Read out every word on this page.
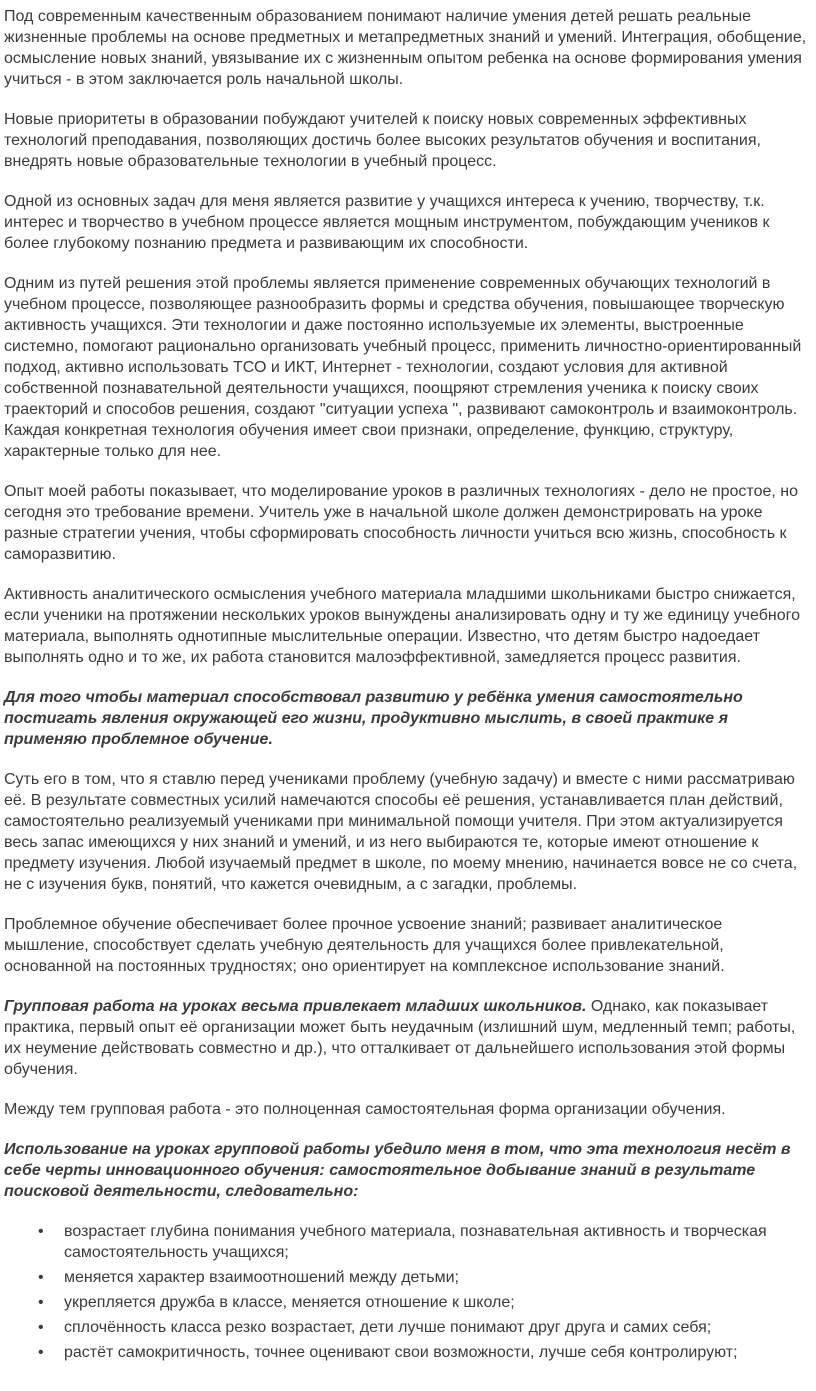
Под современным качественным образованием понимают наличие умения детей решать реальные жизненные проблемы на основе предметных и метапредметных знаний и умений. Интеграция, обобщение, осмысление новых знаний, увязывание их с жизненным опытом ребенка на основе формирования умения учиться - в этом заключается роль начальной школы.

Новые приоритеты в образовании побуждают учителей к поиску новых современных эффективных технологий преподавания, позволяющих достичь более высоких результатов обучения и воспитания, внедрять новые образовательные технологии в учебный процесс.

Одной из основных задач для меня является развитие у учащихся интереса к учению, творчеству, т.к. интерес и творчество в учебном процессе является мощным инструментом, побуждающим учеников к более глубокому познанию предмета и развивающим их способности.

Одним из путей решения этой проблемы является применение современных обучающих технологий в учебном процессе, позволяющее разнообразить формы и средства обучения, повышающее творческую активность учащихся. Эти технологии и даже постоянно используемые их элементы, выстроенные системно, помогают рационально организовать учебный процесс, применить личностно-ориентированный подход, активно использовать ТСО и ИКТ, Интернет - технологии, создают условия для активной собственной познавательной деятельности учащихся, поощряют стремления ученика к поиску своих траекторий и способов решения, создают "ситуации успеха ", развивают самоконтроль и взаимоконтроль. Каждая конкретная технология обучения имеет свои признаки, определение, функцию, структуру, характерные только для нее.

Опыт моей работы показывает, что моделирование уроков в различных технологиях - дело не простое, но сегодня это требование времени. Учитель уже в начальной школе должен демонстрировать на уроке разные стратегии учения, чтобы сформировать способность личности учиться всю жизнь, способность к саморазвитию.

Активность аналитического осмысления учебного материала младшими школьниками быстро снижается, если ученики на протяжении нескольких уроков вынуждены анализировать одну и ту же единицу учебного материала, выполнять однотипные мыслительные операции. Известно, что детям быстро надоедает выполнять одно и то же, их работа становится малоэффективной, замедляется процесс развития.

Для того чтобы материал способствовал развитию у ребёнка умения самостоятельно постигать явления окружающей его жизни, продуктивно мыслить, в своей практике я применяю проблемное обучение.

Суть его в том, что я ставлю перед учениками проблему (учебную задачу) и вместе с ними рассматриваю её. В результате совместных усилий намечаются способы её решения, устанавливается план действий, самостоятельно реализуемый учениками при минимальной помощи учителя. При этом актуализируется весь запас имеющихся у них знаний и умений, и из него выбираются те, которые имеют отношение к предмету изучения. Любой изучаемый предмет в школе, по моему мнению, начинается вовсе не со счета, не с изучения букв, понятий, что кажется очевидным, а с загадки, проблемы.

Проблемное обучение обеспечивает более прочное усвоение знаний; развивает аналитическое мышление, способствует сделать учебную деятельность для учащихся более привлекательной, основанной на постоянных трудностях; оно ориентирует на комплексное использование знаний.

Групповая работа на уроках весьма привлекает младших школьников. Однако, как показывает практика, первый опыт её организации может быть неудачным (излишний шум, медленный темп; работы, их неумение действовать совместно и др.), что отталкивает от дальнейшего использования этой формы обучения.

Между тем групповая работа - это полноценная самостоятельная форма организации обучения.

Использование на уроках групповой работы убедило меня в том, что эта технология несёт в себе черты инновационного обучения: самостоятельное добывание знаний в результате поисковой деятельности, следовательно:

• возрастает глубина понимания учебного материала, познавательная активность и творческая самостоятельность учащихся;
• меняется характер взаимоотношений между детьми;
• укрепляется дружба в классе, меняется отношение к школе;
• сплочённость класса резко возрастает, дети лучше понимают друг друга и самих себя;
• растёт самокритичность, точнее оценивают свои возможности, лучше себя контролируют;
